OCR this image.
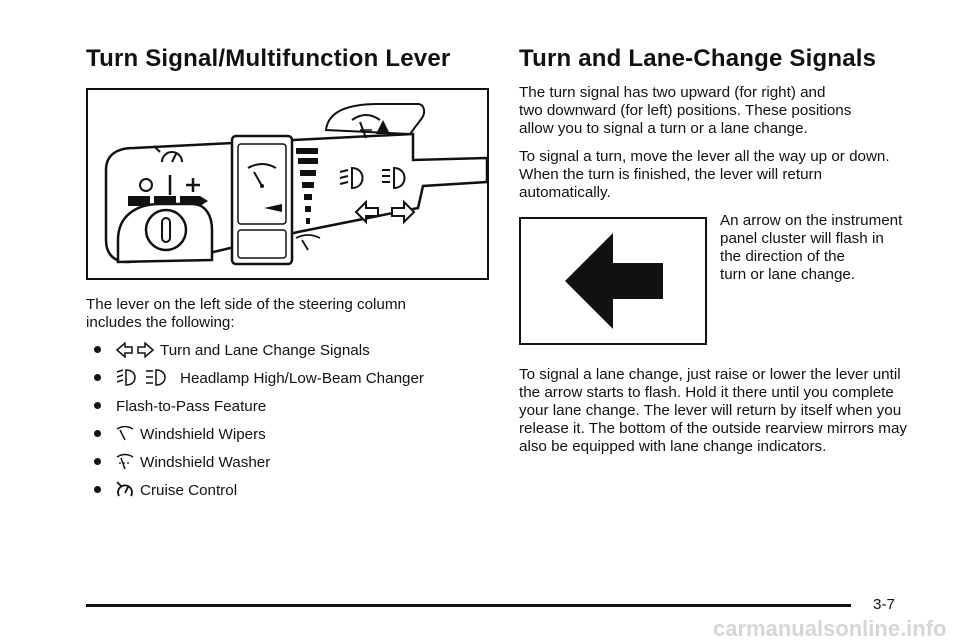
Turn Signal/Multifunction Lever
The lever on the left side of the steering column
includes the following:
Turn and Lane Change Signals
Headlamp High/Low-Beam Changer
Flash-to-Pass Feature
Windshield Wipers
Windshield Washer
Cruise Control
Turn and Lane-Change Signals
The turn signal has two upward (for right) and
two downward (for left) positions. These positions
allow you to signal a turn or a lane change.
To signal a turn, move the lever all the way up or down.
When the turn is finished, the lever will return
automatically.
An arrow on the instrument
panel cluster will flash in
the direction of the
turn or lane change.
To signal a lane change, just raise or lower the lever until
the arrow starts to flash. Hold it there until you complete
your lane change. The lever will return by itself when you
release it. The bottom of the outside rearview mirrors may
also be equipped with lane change indicators.
3-7
carmanualsonline.info
